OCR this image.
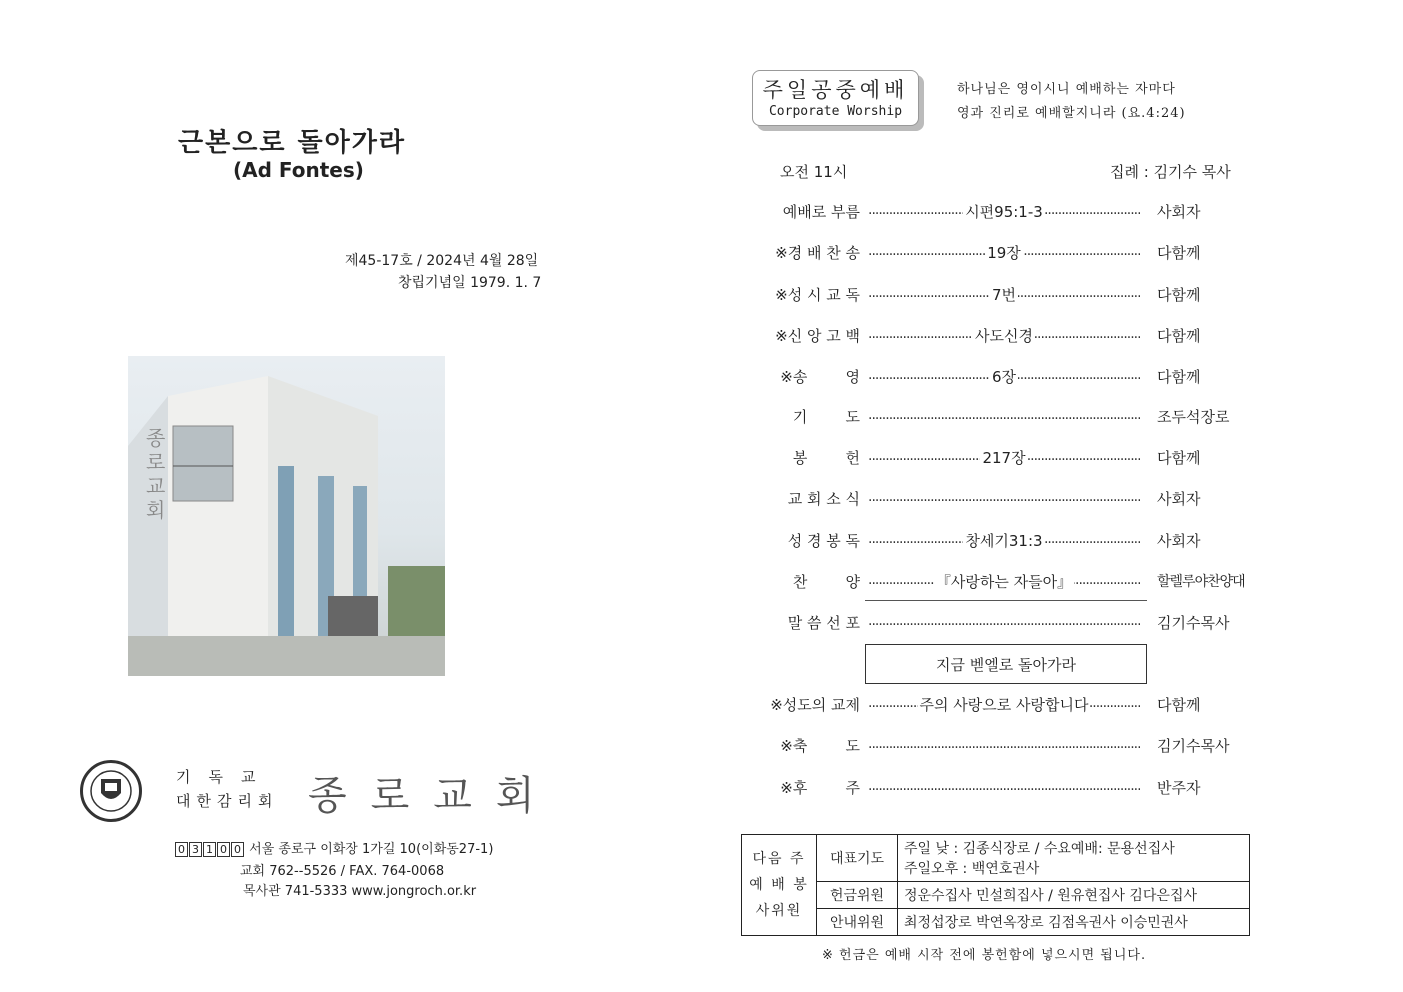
근본으로 돌아가라
(Ad Fontes)
제45-17호 / 2024년 4월 28일
창립기념일 1979. 1. 7
종로교회
기독교
대한감리회 종로교회
0 3 1 0 0 서울 종로구 이화장 1가길 10(이화동27-1)
교회 762--5526 / FAX. 764-0068
목사관 741-5333 www.jongroch.or.kr
주일공중예배
Corporate Worship
하나님은 영이시니 예배하는 자마다
영과 진리로 예배할지니라 (요.4:24)
오전 11시	집례 : 김기수 목사
예배로 부름	..... 시편95:1-3	사회자
※경 배 찬 송	..... 19장	다함께
※성 시 교 독	..... 7번	다함께
※신 앙 고 백	..... 사도신경	다함께
※송        영	..... 6장	다함께
기        도 .....	조두석장로
봉        헌	..... 217장	다함께
교 회 소 식 .....	사회자
성 경 봉 독	..... 창세기31:3	사회자
찬        양	..... 『사랑하는 자들아』	할렐루야찬양대
말 씀 선 포 .....	김기수목사
※성도의 교제	..... 주의 사랑으로 사랑합니다	다함께
※축        도 .....	김기수목사
※후        주 .....	반주자
지금 벧엘로 돌아가라
다음 주 예 배 봉사위원	대표기도	주일 낮 : 김종식장로 / 수요예배: 문용선집사
주일오후 : 백연호권사

	헌금위원	정운수집사 민설희집사 / 원유현집사 김다은집사
	안내위원	최정섭장로 박연옥장로 김점옥권사 이승민권사
※ 헌금은 예배 시작 전에 봉헌함에 넣으시면 됩니다.
